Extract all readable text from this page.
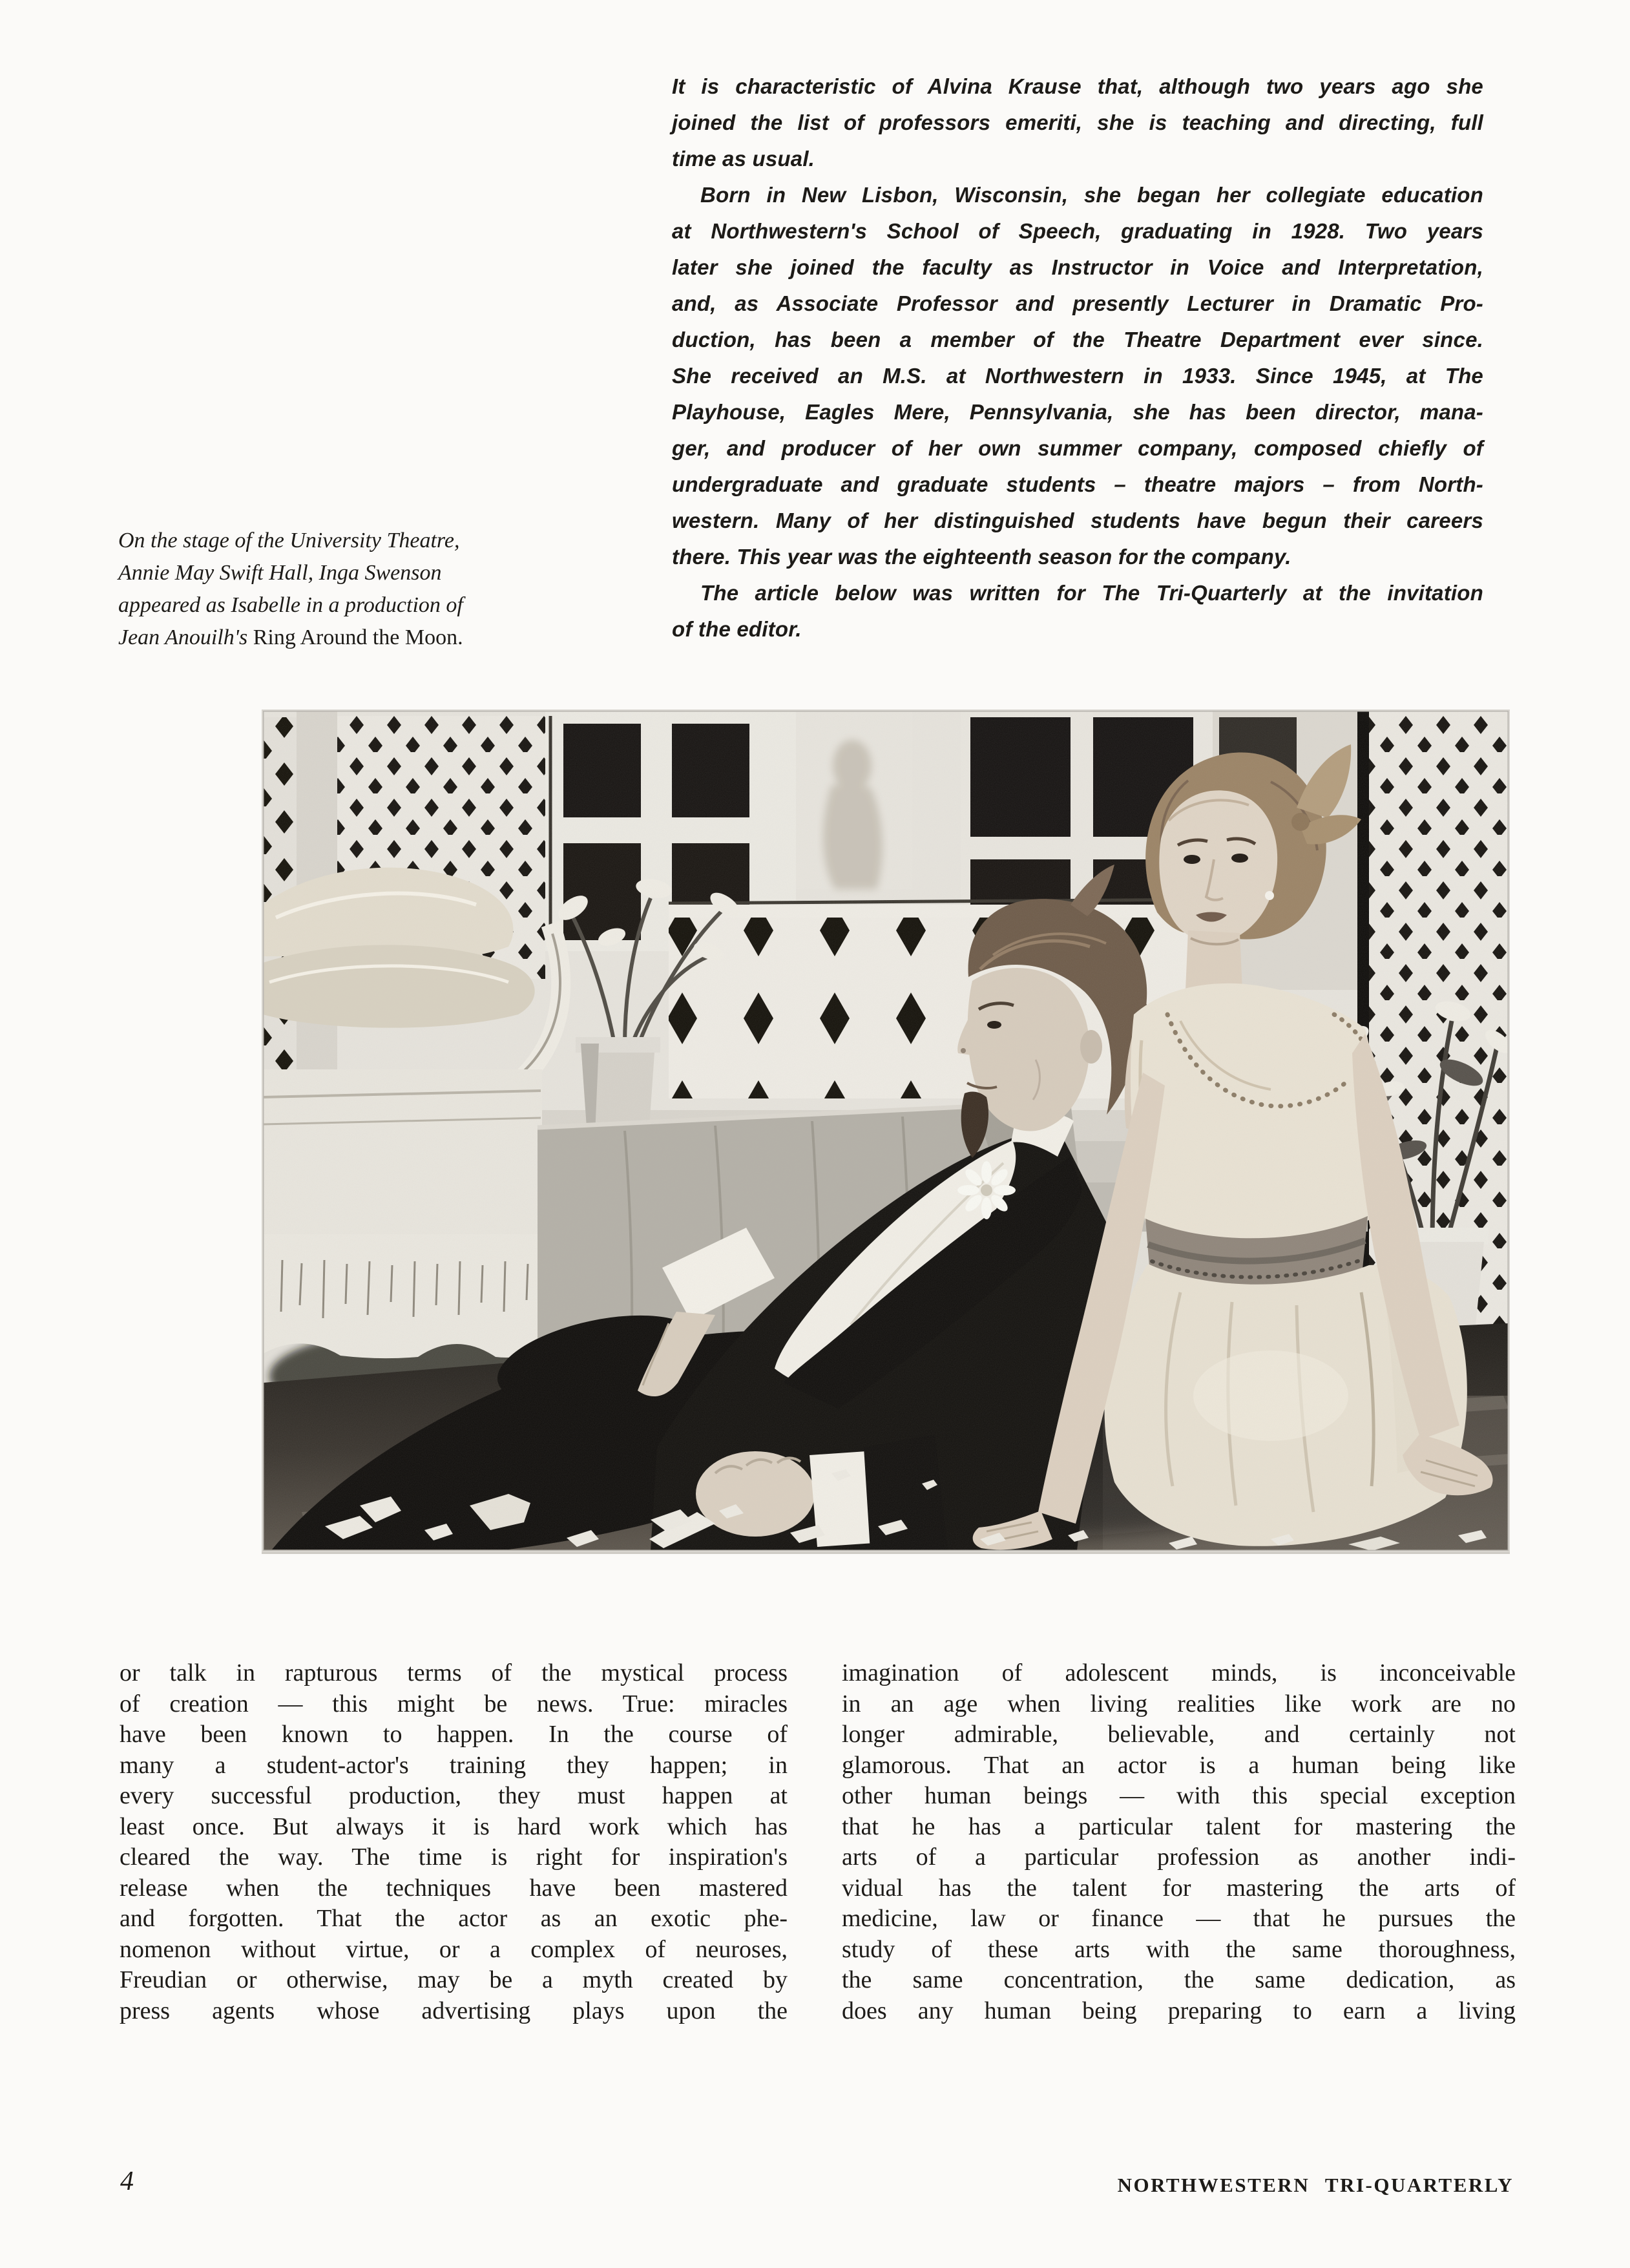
It is characteristic of Alvina Krause that, although two years ago she
joined the list of professors emeriti, she is teaching and directing, full
time as usual.
Born in New Lisbon, Wisconsin, she began her collegiate education
at Northwestern's School of Speech, graduating in 1928. Two years
later she joined the faculty as Instructor in Voice and Interpretation,
and, as Associate Professor and presently Lecturer in Dramatic Pro-
duction, has been a member of the Theatre Department ever since.
She received an M.S. at Northwestern in 1933. Since 1945, at The
Playhouse, Eagles Mere, Pennsylvania, she has been director, mana-
ger, and producer of her own summer company, composed chiefly of
undergraduate and graduate students – theatre majors – from North-
western. Many of her distinguished students have begun their careers
there. This year was the eighteenth season for the company.
The article below was written for The Tri-Quarterly at the invitation
of the editor.
On the stage of the University Theatre,
Annie May Swift Hall, Inga Swenson
appeared as Isabelle in a production of
Jean Anouilh's Ring Around the Moon.
or talk in rapturous terms of the mystical process
of creation — this might be news. True: miracles
have been known to happen. In the course of
many a student-actor's training they happen; in
every successful production, they must happen at
least once. But always it is hard work which has
cleared the way. The time is right for inspiration's
release when the techniques have been mastered
and forgotten. That the actor as an exotic phe-
nomenon without virtue, or a complex of neuroses,
Freudian or otherwise, may be a myth created by
press agents whose advertising plays upon the
imagination of adolescent minds, is inconceivable
in an age when living realities like work are no
longer admirable, believable, and certainly not
glamorous. That an actor is a human being like
other human beings — with this special exception
that he has a particular talent for mastering the
arts of a particular profession as another indi-
vidual has the talent for mastering the arts of
medicine, law or finance — that he pursues the
study of these arts with the same thoroughness,
the same concentration, the same dedication, as
does any human being preparing to earn a living
4	NORTHWESTERN TRI-QUARTERLY
